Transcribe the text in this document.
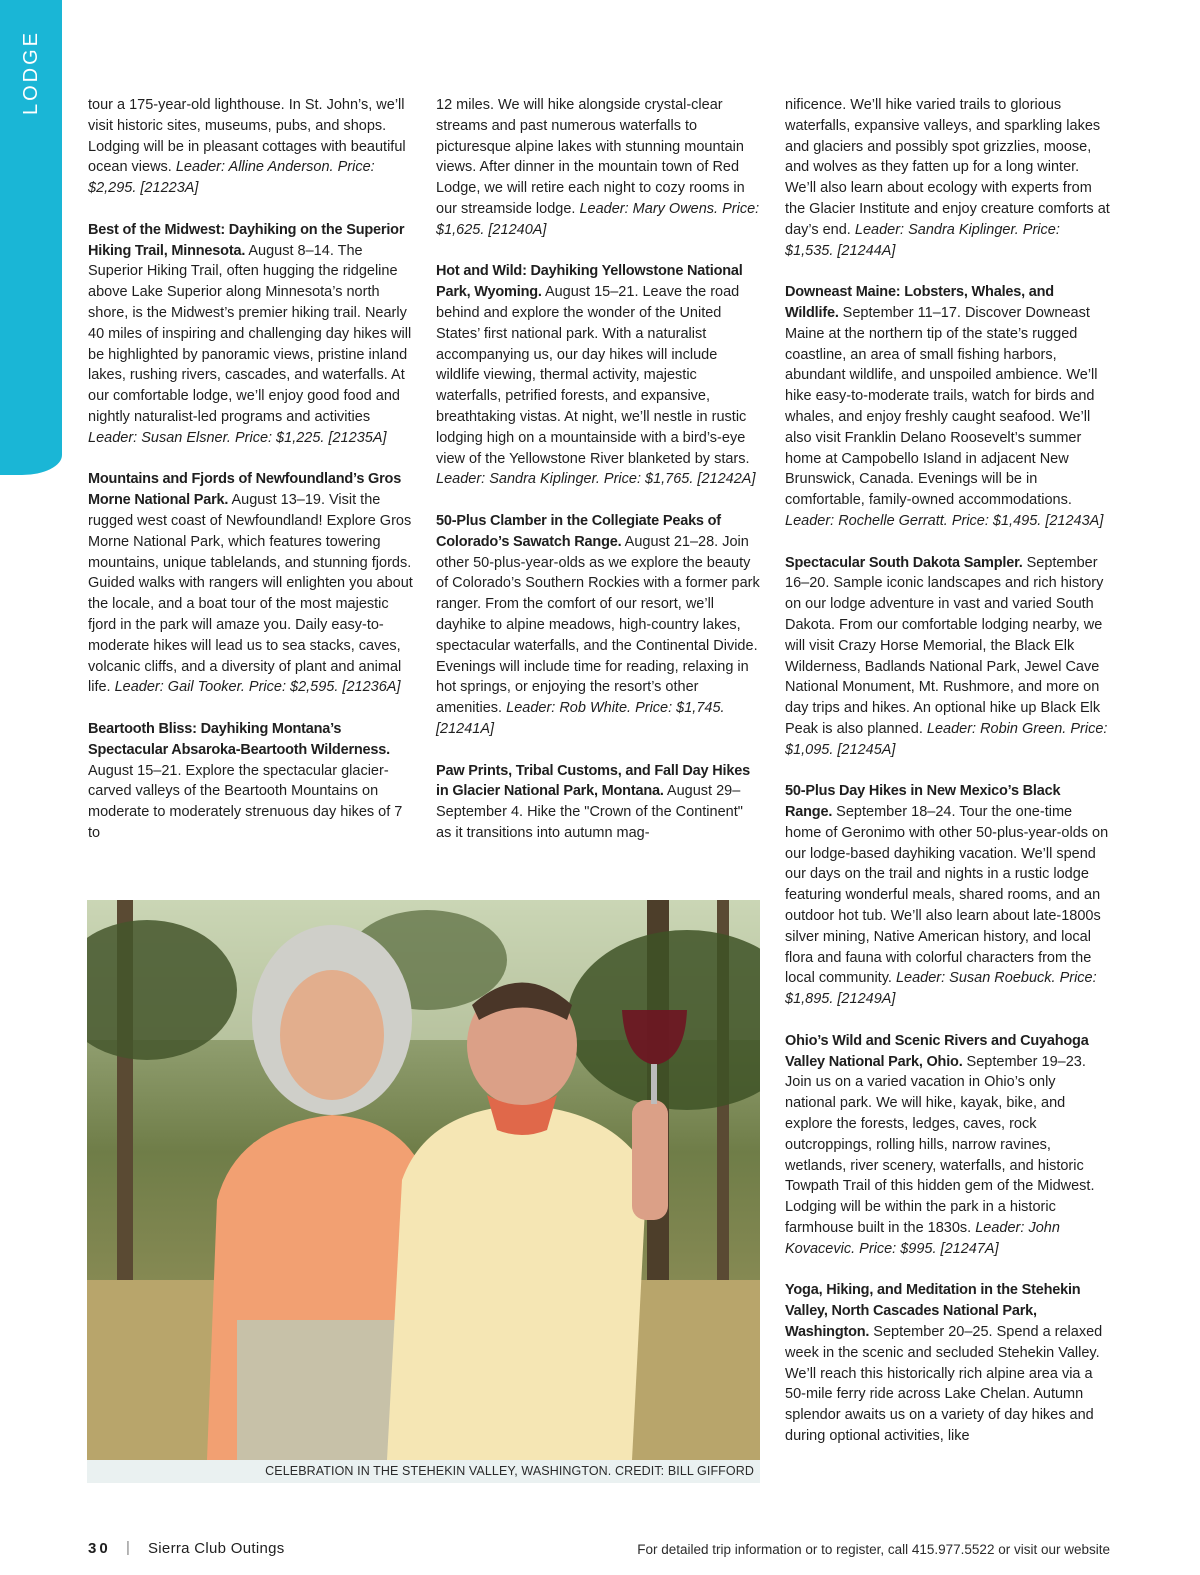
LODGE	tour a 175-year-old lighthouse. In St. John’s, we’ll visit historic sites, museums, pubs, and shops. Lodging will be in pleasant cottages with beautiful ocean views. Leader: Alline Anderson. Price: $2,295. [21223A]

Best of the Midwest: Dayhiking on the Superior Hiking Trail, Minnesota. August 8–14. The Superior Hiking Trail, often hugging the ridgeline above Lake Superior along Minnesota’s north shore, is the Midwest’s premier hiking trail. Nearly 40 miles of inspiring and challenging day hikes will be highlighted by panoramic views, pristine inland lakes, rushing rivers, cascades, and waterfalls. At our comfortable lodge, we’ll enjoy good food and nightly naturalist-led programs and activities Leader: Susan Elsner. Price: $1,225. [21235A]

Mountains and Fjords of Newfoundland’s Gros Morne National Park. August 13–19. Visit the rugged west coast of Newfoundland! Explore Gros Morne National Park, which features towering mountains, unique tablelands, and stunning fjords. Guided walks with rangers will enlighten you about the locale, and a boat tour of the most majestic fjord in the park will amaze you. Daily easy-to-moderate hikes will lead us to sea stacks, caves, volcanic cliffs, and a diversity of plant and animal life. Leader: Gail Tooker. Price: $2,595. [21236A]

Beartooth Bliss: Dayhiking Montana’s Spectacular Absaroka-Beartooth Wilderness. August 15–21. Explore the spectacular glacier-carved valleys of the Beartooth Mountains on moderate to moderately strenuous day hikes of 7 to

12 miles. We will hike alongside crystal-clear streams and past numerous waterfalls to picturesque alpine lakes with stunning mountain views. After dinner in the mountain town of Red Lodge, we will retire each night to cozy rooms in our streamside lodge. Leader: Mary Owens. Price: $1,625. [21240A]

Hot and Wild: Dayhiking Yellowstone National Park, Wyoming. August 15–21. Leave the road behind and explore the wonder of the United States’ first national park. With a naturalist accompanying us, our day hikes will include wildlife viewing, thermal activity, majestic waterfalls, petrified forests, and expansive, breathtaking vistas. At night, we’ll nestle in rustic lodging high on a mountainside with a bird’s-eye view of the Yellowstone River blanketed by stars. Leader: Sandra Kiplinger. Price: $1,765. [21242A]

50-Plus Clamber in the Collegiate Peaks of Colorado’s Sawatch Range. August 21–28. Join other 50-plus-year-olds as we explore the beauty of Colorado’s Southern Rockies with a former park ranger. From the comfort of our resort, we’ll dayhike to alpine meadows, high-country lakes, spectacular waterfalls, and the Continental Divide. Evenings will include time for reading, relaxing in hot springs, or enjoying the resort’s other amenities. Leader: Rob White. Price: $1,745. [21241A]

Paw Prints, Tribal Customs, and Fall Day Hikes in Glacier National Park, Montana. August 29–September 4. Hike the "Crown of the Continent" as it transitions into autumn mag-

nificence. We’ll hike varied trails to glorious waterfalls, expansive valleys, and sparkling lakes and glaciers and possibly spot grizzlies, moose, and wolves as they fatten up for a long winter. We’ll also learn about ecology with experts from the Glacier Institute and enjoy creature comforts at day’s end. Leader: Sandra Kiplinger. Price: $1,535. [21244A]

Downeast Maine: Lobsters, Whales, and Wildlife. September 11–17. Discover Downeast Maine at the northern tip of the state’s rugged coastline, an area of small fishing harbors, abundant wildlife, and unspoiled ambience. We’ll hike easy-to-moderate trails, watch for birds and whales, and enjoy freshly caught seafood. We’ll also visit Franklin Delano Roosevelt’s summer home at Campobello Island in adjacent New Brunswick, Canada. Evenings will be in comfortable, family-owned accommodations. Leader: Rochelle Gerratt. Price: $1,495. [21243A]

Spectacular South Dakota Sampler. September 16–20. Sample iconic landscapes and rich history on our lodge adventure in vast and varied South Dakota. From our comfortable lodging nearby, we will visit Crazy Horse Memorial, the Black Elk Wilderness, Badlands National Park, Jewel Cave National Monument, Mt. Rushmore, and more on day trips and hikes. An optional hike up Black Elk Peak is also planned. Leader: Robin Green. Price: $1,095. [21245A]

50-Plus Day Hikes in New Mexico’s Black Range. September 18–24. Tour the one-time home of Geronimo with other 50-plus-year-olds on our lodge-based dayhiking vacation. We’ll spend our days on the trail and nights in a rustic lodge featuring wonderful meals, shared rooms, and an outdoor hot tub. We’ll also learn about late-1800s silver mining, Native American history, and local flora and fauna with colorful characters from the local community. Leader: Susan Roebuck. Price: $1,895. [21249A]

Ohio’s Wild and Scenic Rivers and Cuyahoga Valley National Park, Ohio. September 19–23. Join us on a varied vacation in Ohio’s only national park. We will hike, kayak, bike, and explore the forests, ledges, caves, rock outcroppings, rolling hills, narrow ravines, wetlands, river scenery, waterfalls, and historic Towpath Trail of this hidden gem of the Midwest. Lodging will be within the park in a historic farmhouse built in the 1830s. Leader: John Kovacevic. Price: $995. [21247A]

Yoga, Hiking, and Meditation in the Stehekin Valley, North Cascades National Park, Washington. September 20–25. Spend a relaxed week in the scenic and secluded Stehekin Valley. We’ll reach this historically rich alpine area via a 50-mile ferry ride across Lake Chelan. Autumn splendor awaits us on a variety of day hikes and during optional activities, like

CELEBRATION IN THE STEHEKIN VALLEY, WASHINGTON. CREDIT: BILL GIFFORD
30 | Sierra Club Outings	For detailed trip information or to register, call 415.977.5522 or visit our website
